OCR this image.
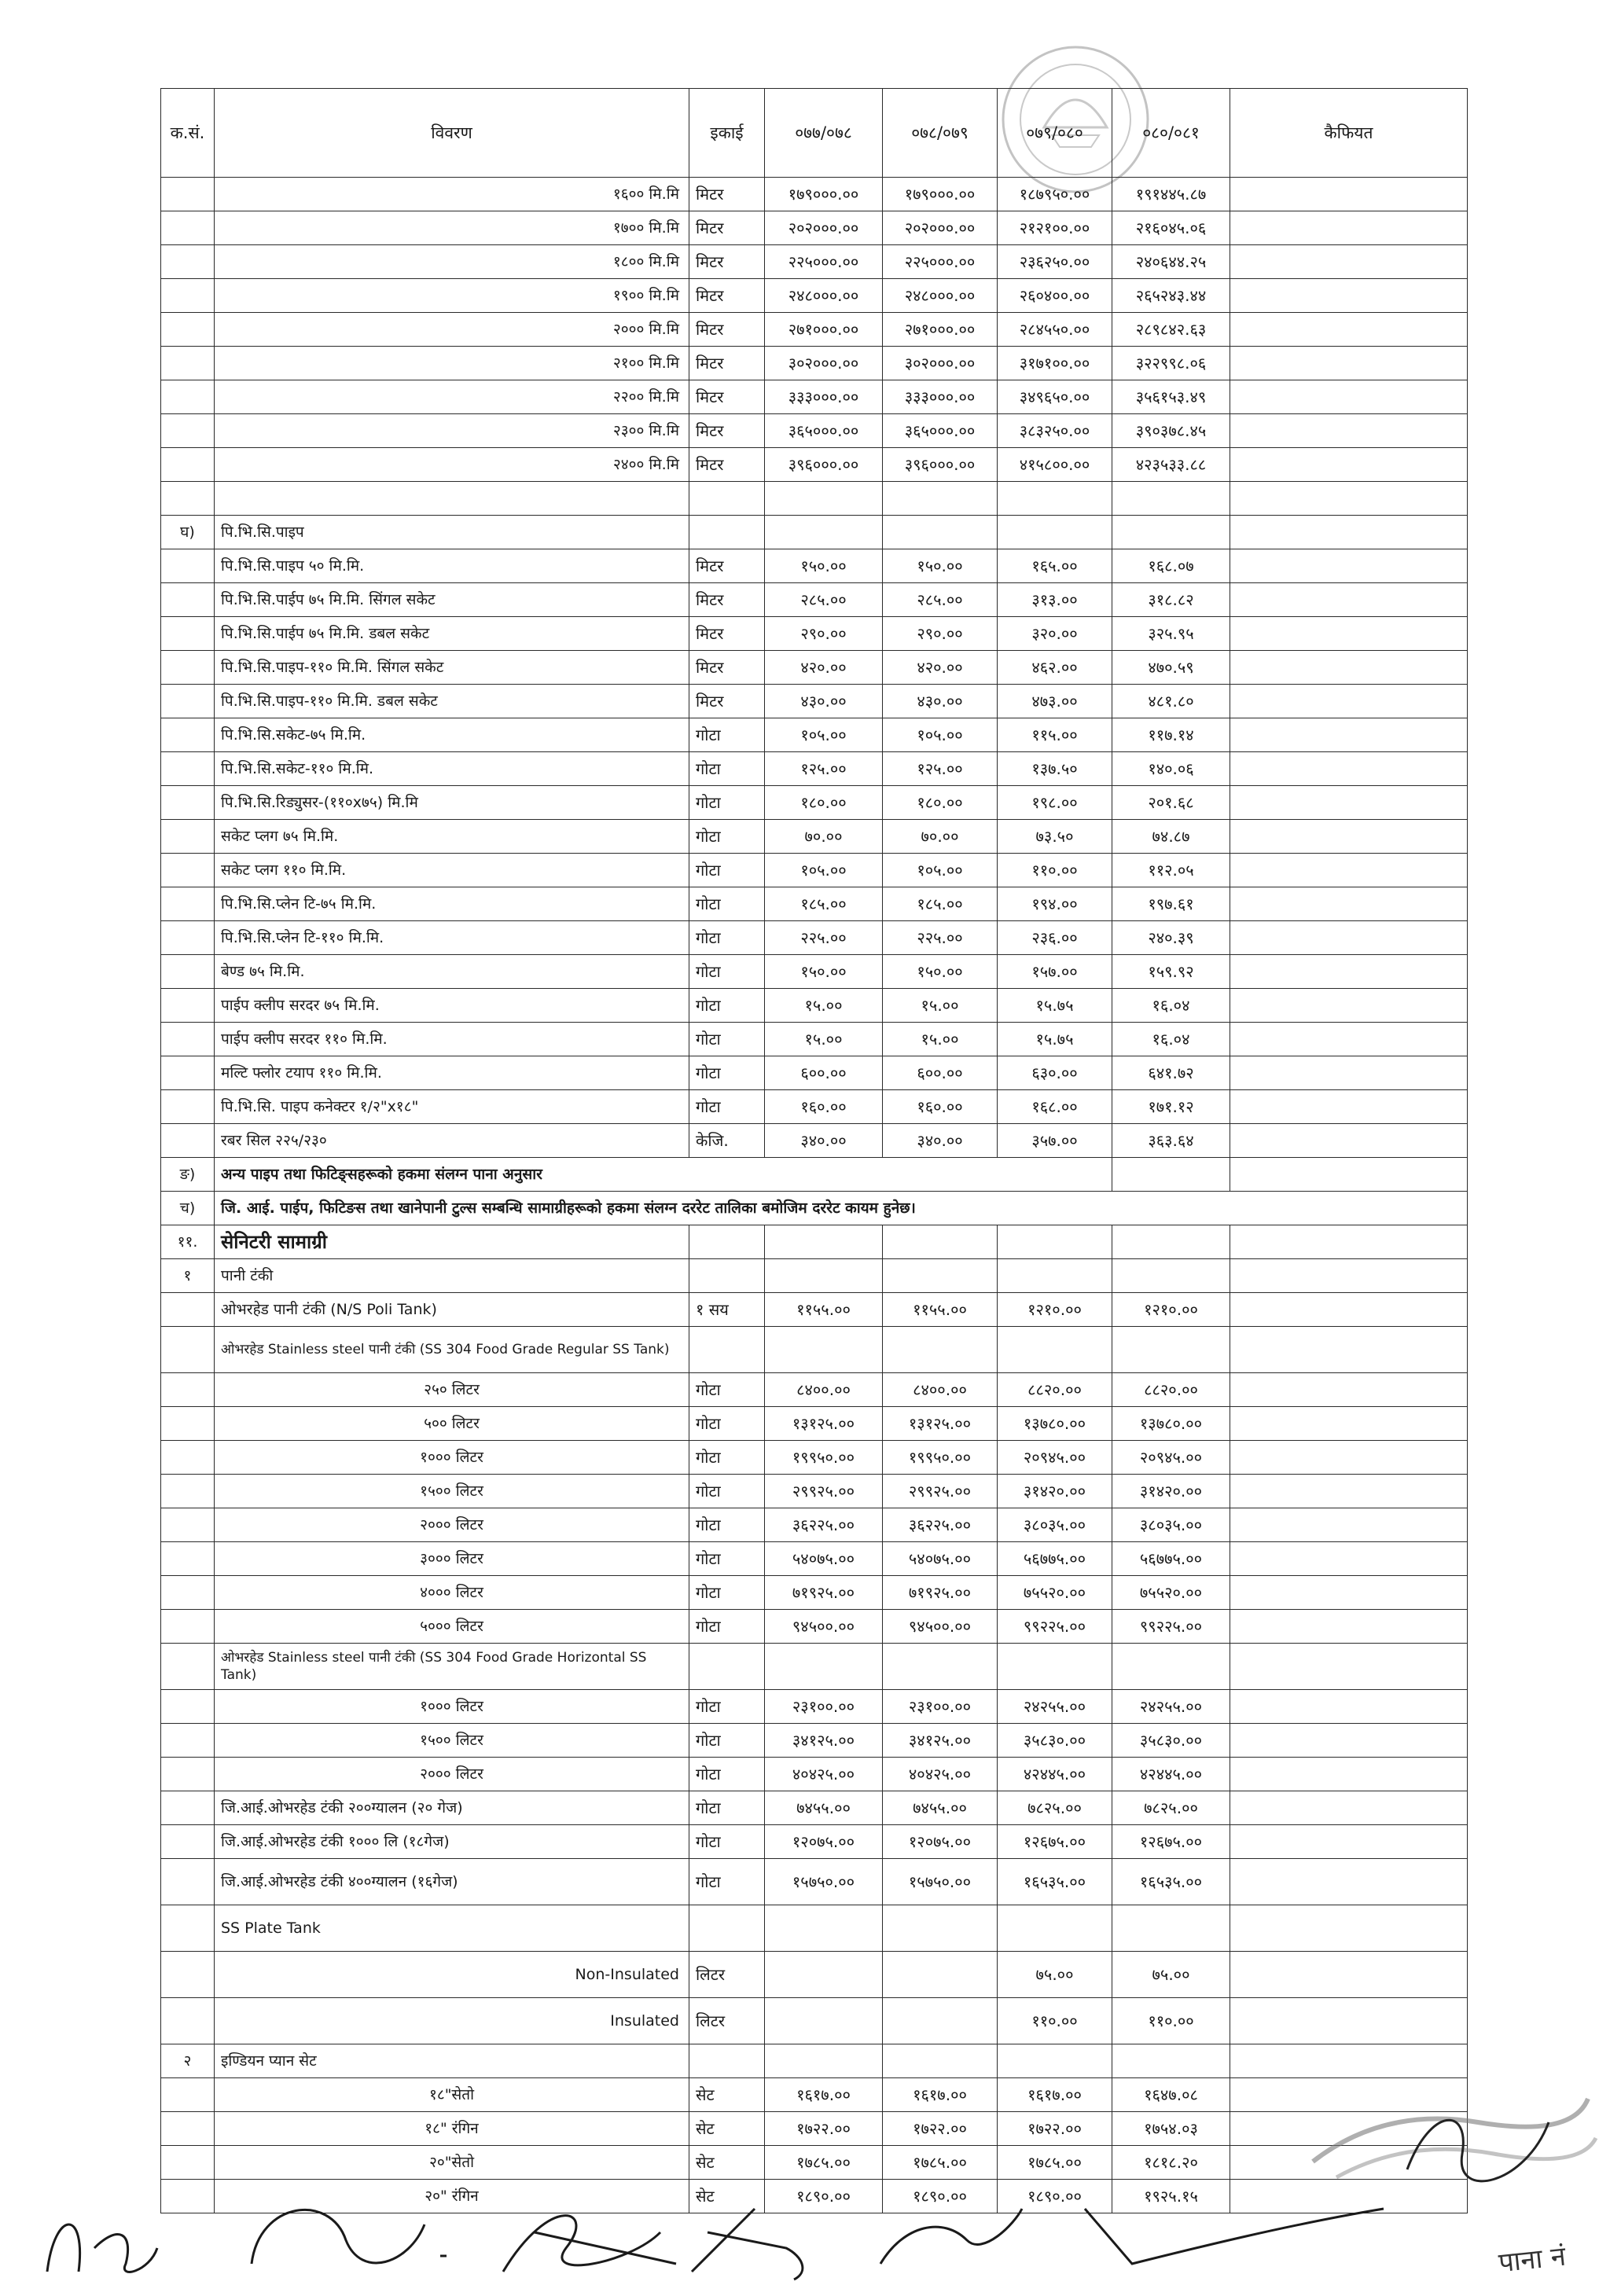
क.सं.	विवरण	इकाई	०७७/०७८	०७८/०७९	०७९/०८०	०८०/०८१	कैफियत
	१६०० मि.मि	मिटर	१७९०००.००	१७९०००.००	१८७९५०.००	१९१४४५.८७	
	१७०० मि.मि	मिटर	२०२०००.००	२०२०००.००	२१२१००.००	२१६०४५.०६	
	१८०० मि.मि	मिटर	२२५०००.००	२२५०००.००	२३६२५०.००	२४०६४४.२५	
	१९०० मि.मि	मिटर	२४८०००.००	२४८०००.००	२६०४००.००	२६५२४३.४४	
	२००० मि.मि	मिटर	२७१०००.००	२७१०००.००	२८४५५०.००	२८९८४२.६३	
	२१०० मि.मि	मिटर	३०२०००.००	३०२०००.००	३१७१००.००	३२२९९८.०६	
	२२०० मि.मि	मिटर	३३३०००.००	३३३०००.००	३४९६५०.००	३५६१५३.४९	
	२३०० मि.मि	मिटर	३६५०००.००	३६५०००.००	३८३२५०.००	३९०३७८.४५	
	२४०० मि.मि	मिटर	३९६०००.००	३९६०००.००	४१५८००.००	४२३५३३.८८	

घ)	पि.भि.सि.पाइप						
	पि.भि.सि.पाइप ५० मि.मि.	मिटर	१५०.००	१५०.००	१६५.००	१६८.०७	
	पि.भि.सि.पाईप ७५ मि.मि. सिंगल सकेट	मिटर	२८५.००	२८५.००	३१३.००	३१८.८२	
	पि.भि.सि.पाईप ७५ मि.मि. डबल सकेट	मिटर	२९०.००	२९०.००	३२०.००	३२५.९५	
	पि.भि.सि.पाइप-११० मि.मि. सिंगल सकेट	मिटर	४२०.००	४२०.००	४६२.००	४७०.५९	
	पि.भि.सि.पाइप-११० मि.मि. डबल सकेट	मिटर	४३०.००	४३०.००	४७३.००	४८१.८०	
	पि.भि.सि.सकेट-७५ मि.मि.	गोटा	१०५.००	१०५.००	११५.००	११७.१४	
	पि.भि.सि.सकेट-११० मि.मि.	गोटा	१२५.००	१२५.००	१३७.५०	१४०.०६	
	पि.भि.सि.रिड्युसर-(११०x७५) मि.मि	गोटा	१८०.००	१८०.००	१९८.००	२०१.६८	
	सकेट प्लग ७५ मि.मि.	गोटा	७०.००	७०.००	७३.५०	७४.८७	
	सकेट प्लग ११० मि.मि.	गोटा	१०५.००	१०५.००	११०.००	११२.०५	
	पि.भि.सि.प्लेन टि-७५ मि.मि.	गोटा	१८५.००	१८५.००	१९४.००	१९७.६१	
	पि.भि.सि.प्लेन टि-११० मि.मि.	गोटा	२२५.००	२२५.००	२३६.००	२४०.३९	
	बेण्ड ७५ मि.मि.	गोटा	१५०.००	१५०.००	१५७.००	१५९.९२	
	पाईप क्लीप सरदर ७५ मि.मि.	गोटा	१५.००	१५.००	१५.७५	१६.०४	
	पाईप क्लीप सरदर ११० मि.मि.	गोटा	१५.००	१५.००	१५.७५	१६.०४	
	मल्टि फ्लोर टयाप ११० मि.मि.	गोटा	६००.००	६००.००	६३०.००	६४१.७२	
	पि.भि.सि. पाइप कनेक्टर १/२"x१८"	गोटा	१६०.००	१६०.००	१६८.००	१७१.१२	
	रबर सिल २२५/२३०	केजि.	३४०.००	३४०.००	३५७.००	३६३.६४	
ङ)	अन्य पाइप तथा फिटिङ्सहरूको हकमा संलग्न पाना अनुसार						
च)	जि. आई. पाईप, फिटिङस तथा खानेपानी टुल्स सम्बन्धि सामाग्रीहरूको हकमा संलग्न दररेट तालिका बमोजिम दररेट कायम हुनेछ।						
११.	सेनिटरी सामाग्री						
१	पानी टंकी						
	ओभरहेड पानी टंकी (N/S Poli Tank)	१ सय	११५५.००	११५५.००	१२१०.००	१२१०.००	
	ओभरहेड Stainless steel पानी टंकी (SS 304 Food Grade Regular SS Tank)						
	२५० लिटर	गोटा	८४००.००	८४००.००	८८२०.००	८८२०.००	
	५०० लिटर	गोटा	१३१२५.००	१३१२५.००	१३७८०.००	१३७८०.००	
	१००० लिटर	गोटा	१९९५०.००	१९९५०.००	२०९४५.००	२०९४५.००	
	१५०० लिटर	गोटा	२९९२५.००	२९९२५.००	३१४२०.००	३१४२०.००	
	२००० लिटर	गोटा	३६२२५.००	३६२२५.००	३८०३५.००	३८०३५.००	
	३००० लिटर	गोटा	५४०७५.००	५४०७५.००	५६७७५.००	५६७७५.००	
	४००० लिटर	गोटा	७१९२५.००	७१९२५.००	७५५२०.००	७५५२०.००	
	५००० लिटर	गोटा	९४५००.००	९४५००.००	९९२२५.००	९९२२५.००	
	ओभरहेड Stainless steel पानी टंकी (SS 304 Food Grade Horizontal SS Tank)						
	१००० लिटर	गोटा	२३१००.००	२३१००.००	२४२५५.००	२४२५५.००	
	१५०० लिटर	गोटा	३४१२५.००	३४१२५.००	३५८३०.००	३५८३०.००	
	२००० लिटर	गोटा	४०४२५.००	४०४२५.००	४२४४५.००	४२४४५.००	
	जि.आई.ओभरहेड टंकी २००ग्यालन (२० गेज)	गोटा	७४५५.००	७४५५.००	७८२५.००	७८२५.००	
	जि.आई.ओभरहेड टंकी १००० लि (१८गेज)	गोटा	१२०७५.००	१२०७५.००	१२६७५.००	१२६७५.००	
	जि.आई.ओभरहेड टंकी ४००ग्यालन (१६गेज)	गोटा	१५७५०.००	१५७५०.००	१६५३५.००	१६५३५.००	
	SS Plate Tank						
	Non-Insulated	लिटर			७५.००	७५.००	
	Insulated	लिटर			११०.००	११०.००	
२	इण्डियन प्यान सेट						
	१८"सेतो	सेट	१६१७.००	१६१७.००	१६१७.००	१६४७.०८	
	१८" रंगिन	सेट	१७२२.००	१७२२.००	१७२२.००	१७५४.०३	
	२०"सेतो	सेट	१७८५.००	१७८५.००	१७८५.००	१८१८.२०	
	२०" रंगिन	सेट	१८९०.००	१८९०.००	१८९०.००	१९२५.१५	
पाना नं
